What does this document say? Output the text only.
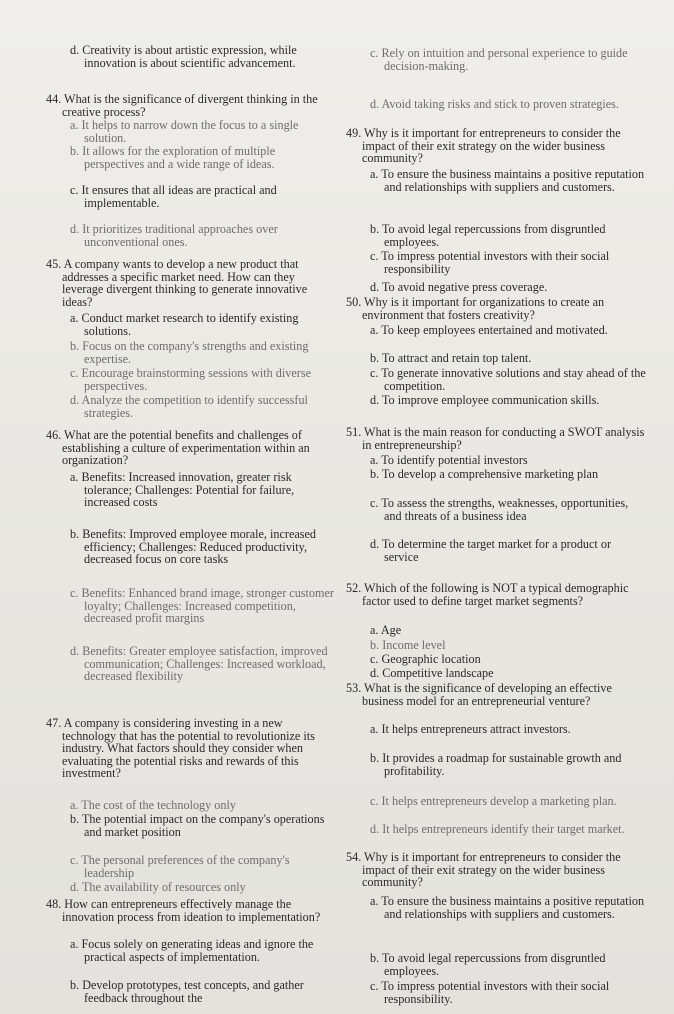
d. Creativity is about artistic expression, while innovation is about scientific advancement.
44. What is the significance of divergent thinking in the creative process?
a. It helps to narrow down the focus to a single solution.
b. It allows for the exploration of multiple perspectives and a wide range of ideas.
c. It ensures that all ideas are practical and implementable.
d. It prioritizes traditional approaches over unconventional ones.
45. A company wants to develop a new product that addresses a specific market need. How can they leverage divergent thinking to generate innovative ideas?
a. Conduct market research to identify existing solutions.
b. Focus on the company's strengths and existing expertise.
c. Encourage brainstorming sessions with diverse perspectives.
d. Analyze the competition to identify successful strategies.
46. What are the potential benefits and challenges of establishing a culture of experimentation within an organization?
a. Benefits: Increased innovation, greater risk tolerance; Challenges: Potential for failure, increased costs
b. Benefits: Improved employee morale, increased efficiency; Challenges: Reduced productivity, decreased focus on core tasks
c. Benefits: Enhanced brand image, stronger customer loyalty; Challenges: Increased competition, decreased profit margins
d. Benefits: Greater employee satisfaction, improved communication; Challenges: Increased workload, decreased flexibility
47. A company is considering investing in a new technology that has the potential to revolutionize its industry. What factors should they consider when evaluating the potential risks and rewards of this investment?
a. The cost of the technology only
b. The potential impact on the company's operations and market position
c. The personal preferences of the company's leadership
d. The availability of resources only
48. How can entrepreneurs effectively manage the innovation process from ideation to implementation?
a. Focus solely on generating ideas and ignore the practical aspects of implementation.
b. Develop prototypes, test concepts, and gather feedback throughout the
c. Rely on intuition and personal experience to guide decision-making.
d. Avoid taking risks and stick to proven strategies.
49. Why is it important for entrepreneurs to consider the impact of their exit strategy on the wider business community?
a. To ensure the business maintains a positive reputation and relationships with suppliers and customers.
b. To avoid legal repercussions from disgruntled employees.
c. To impress potential investors with their social responsibility
d. To avoid negative press coverage.
50. Why is it important for organizations to create an environment that fosters creativity?
a. To keep employees entertained and motivated.
b. To attract and retain top talent.
c. To generate innovative solutions and stay ahead of the competition.
d. To improve employee communication skills.
51. What is the main reason for conducting a SWOT analysis in entrepreneurship?
a. To identify potential investors
b. To develop a comprehensive marketing plan
c. To assess the strengths, weaknesses, opportunities, and threats of a business idea
d. To determine the target market for a product or service
52. Which of the following is NOT a typical demographic factor used to define target market segments?
a. Age
b. Income level
c. Geographic location
d. Competitive landscape
53. What is the significance of developing an effective business model for an entrepreneurial venture?
a. It helps entrepreneurs attract investors.
b. It provides a roadmap for sustainable growth and profitability.
c. It helps entrepreneurs develop a marketing plan.
d. It helps entrepreneurs identify their target market.
54. Why is it important for entrepreneurs to consider the impact of their exit strategy on the wider business community?
a. To ensure the business maintains a positive reputation and relationships with suppliers and customers.
b. To avoid legal repercussions from disgruntled employees.
c. To impress potential investors with their social responsibility.
